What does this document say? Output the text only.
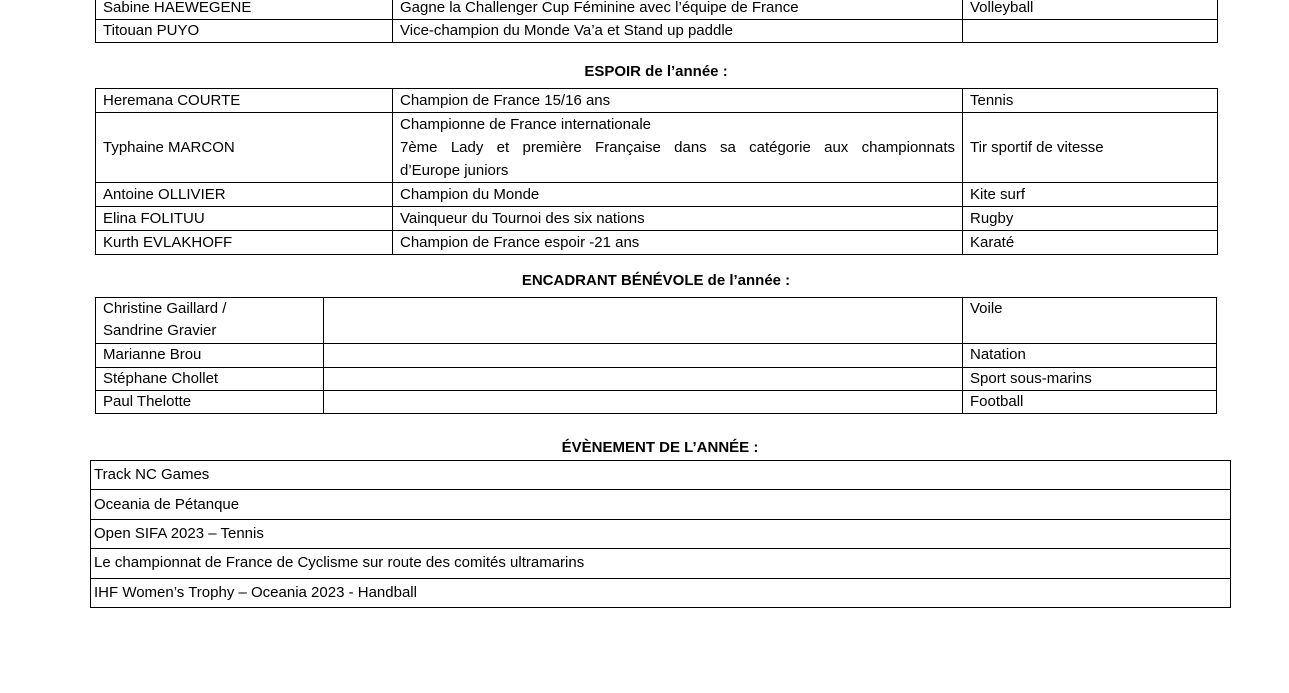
Sabine HAEWEGENE	Gagne la Challenger Cup Féminine avec l’équipe de France	Volleyball
Titouan PUYO	Vice-champion du Monde Va’a et Stand up paddle	
ESPOIR de l’année :
Heremana COURTE	Champion de France 15/16 ans	Tennis
Typhaine MARCON	Championne de France internationale
7ème Lady et première Française dans sa catégorie aux championnats
d’Europe juniors	Tir sportif de vitesse
Antoine OLLIVIER	Champion du Monde	Kite surf
Elina FOLITUU	Vainqueur du Tournoi des six nations	Rugby
Kurth EVLAKHOFF	Champion de France espoir -21 ans	Karaté
ENCADRANT BÉNÉVOLE de l’année :
Christine Gaillard /
Sandrine Gravier		Voile
Marianne Brou		Natation
Stéphane Chollet		Sport sous-marins
Paul Thelotte		Football
ÉVÈNEMENT DE L’ANNÉE :
Track NC Games
Oceania de Pétanque
Open SIFA 2023 – Tennis
Le championnat de France de Cyclisme sur route des comités ultramarins
IHF Women’s Trophy – Oceania 2023 - Handball
